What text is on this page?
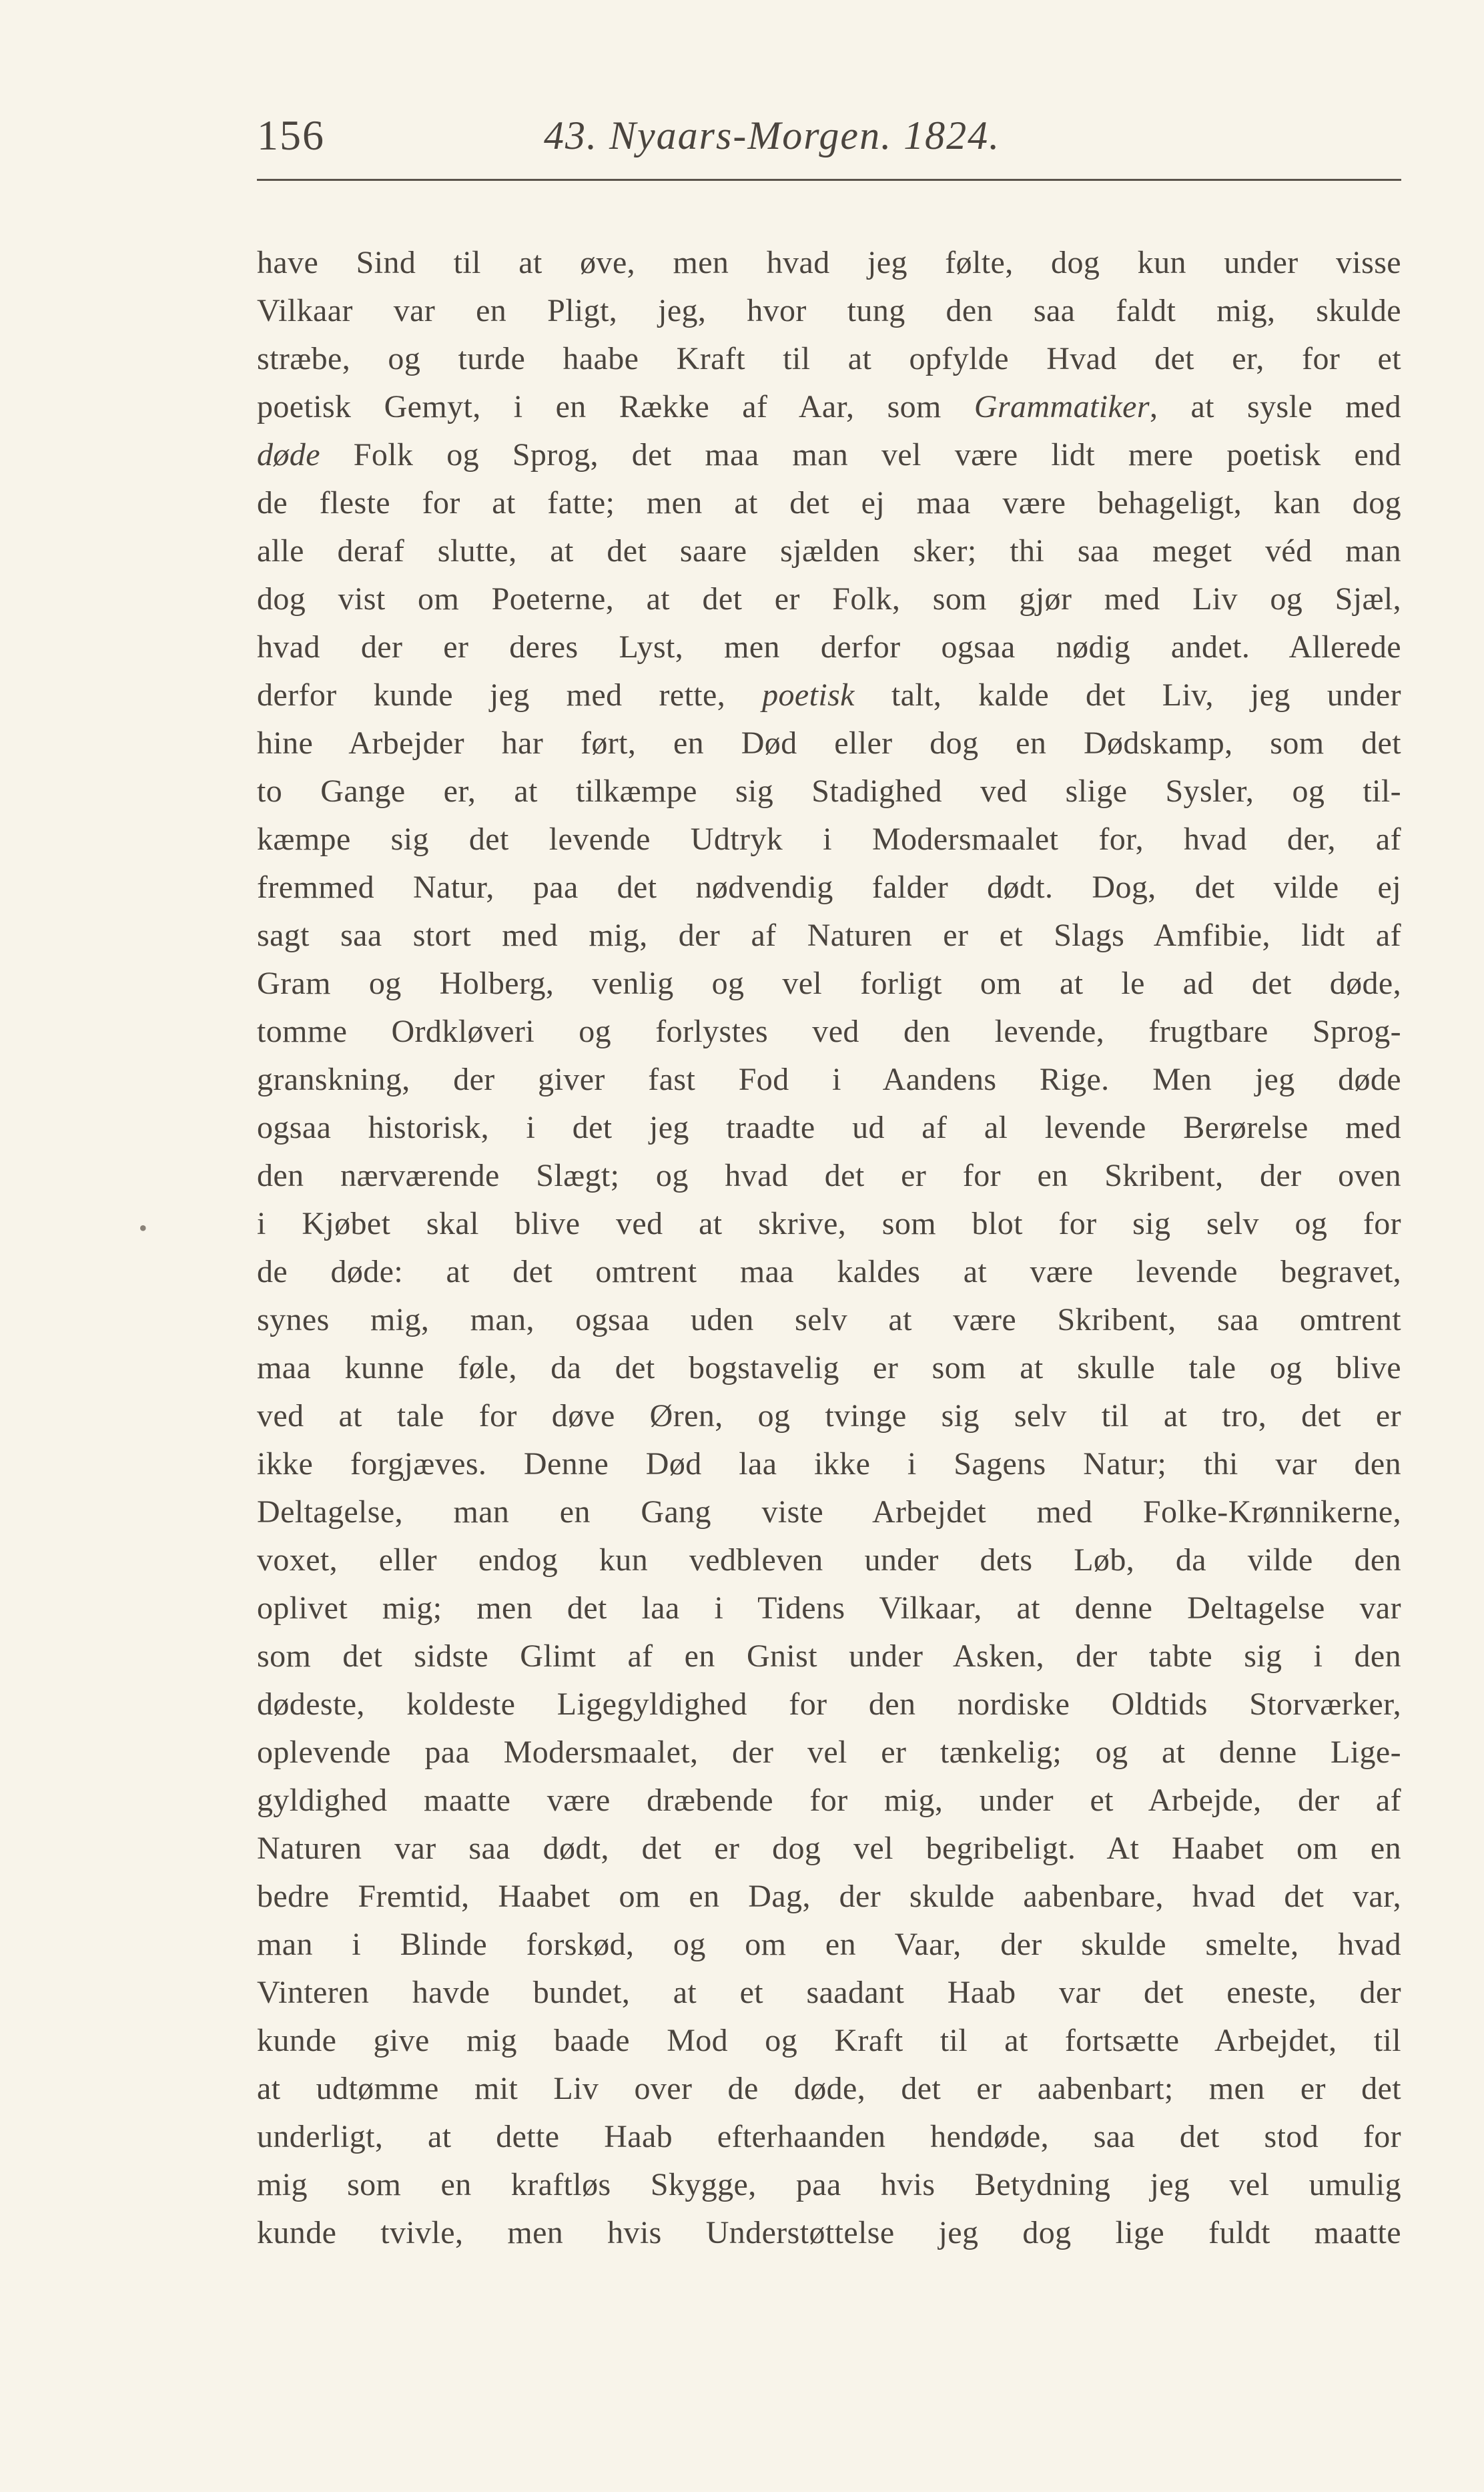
156	43. Nyaars-Morgen. 1824.
•
have Sind til at øve, men hvad jeg følte, dog kun under visse
Vilkaar var en Pligt, jeg, hvor tung den saa faldt mig, skulde
stræbe, og turde haabe Kraft til at opfylde Hvad det er, for et
poetisk Gemyt, i en Række af Aar, som Grammatiker, at sysle med
døde Folk og Sprog, det maa man vel være lidt mere poetisk end
de fleste for at fatte; men at det ej maa være behageligt, kan dog
alle deraf slutte, at det saare sjælden sker; thi saa meget véd man
dog vist om Poeterne, at det er Folk, som gjør med Liv og Sjæl,
hvad der er deres Lyst, men derfor ogsaa nødig andet. Allerede
derfor kunde jeg med rette, poetisk talt, kalde det Liv, jeg under
hine Arbejder har ført, en Død eller dog en Dødskamp, som det
to Gange er, at tilkæmpe sig Stadighed ved slige Sysler, og til-
kæmpe sig det levende Udtryk i Modersmaalet for, hvad der, af
fremmed Natur, paa det nødvendig falder dødt. Dog, det vilde ej
sagt saa stort med mig, der af Naturen er et Slags Amfibie, lidt af
Gram og Holberg, venlig og vel forligt om at le ad det døde,
tomme Ordkløveri og forlystes ved den levende, frugtbare Sprog-
granskning, der giver fast Fod i Aandens Rige. Men jeg døde
ogsaa historisk, i det jeg traadte ud af al levende Berørelse med
den nærværende Slægt; og hvad det er for en Skribent, der oven
i Kjøbet skal blive ved at skrive, som blot for sig selv og for
de døde: at det omtrent maa kaldes at være levende begravet,
synes mig, man, ogsaa uden selv at være Skribent, saa omtrent
maa kunne føle, da det bogstavelig er som at skulle tale og blive
ved at tale for døve Øren, og tvinge sig selv til at tro, det er
ikke forgjæves. Denne Død laa ikke i Sagens Natur; thi var den
Deltagelse, man en Gang viste Arbejdet med Folke-Krønnikerne,
voxet, eller endog kun vedbleven under dets Løb, da vilde den
oplivet mig; men det laa i Tidens Vilkaar, at denne Deltagelse var
som det sidste Glimt af en Gnist under Asken, der tabte sig i den
dødeste, koldeste Ligegyldighed for den nordiske Oldtids Storværker,
oplevende paa Modersmaalet, der vel er tænkelig; og at denne Lige-
gyldighed maatte være dræbende for mig, under et Arbejde, der af
Naturen var saa dødt, det er dog vel begribeligt. At Haabet om en
bedre Fremtid, Haabet om en Dag, der skulde aabenbare, hvad det var,
man i Blinde forskød, og om en Vaar, der skulde smelte, hvad
Vinteren havde bundet, at et saadant Haab var det eneste, der
kunde give mig baade Mod og Kraft til at fortsætte Arbejdet, til
at udtømme mit Liv over de døde, det er aabenbart; men er det
underligt, at dette Haab efterhaanden hendøde, saa det stod for
mig som en kraftløs Skygge, paa hvis Betydning jeg vel umulig
kunde tvivle, men hvis Understøttelse jeg dog lige fuldt maatte
